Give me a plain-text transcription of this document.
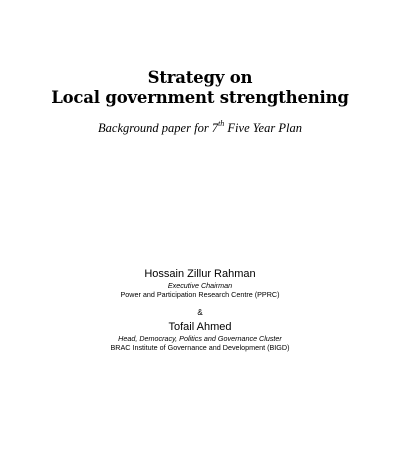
Strategy on
Local government strengthening
Background paper for 7th Five Year Plan
Hossain Zillur Rahman
Executive Chairman
Power and Participation Research Centre (PPRC)
&
Tofail Ahmed
Head, Democracy, Politics and Governance Cluster
BRAC Institute of Governance and Development (BIGD)
